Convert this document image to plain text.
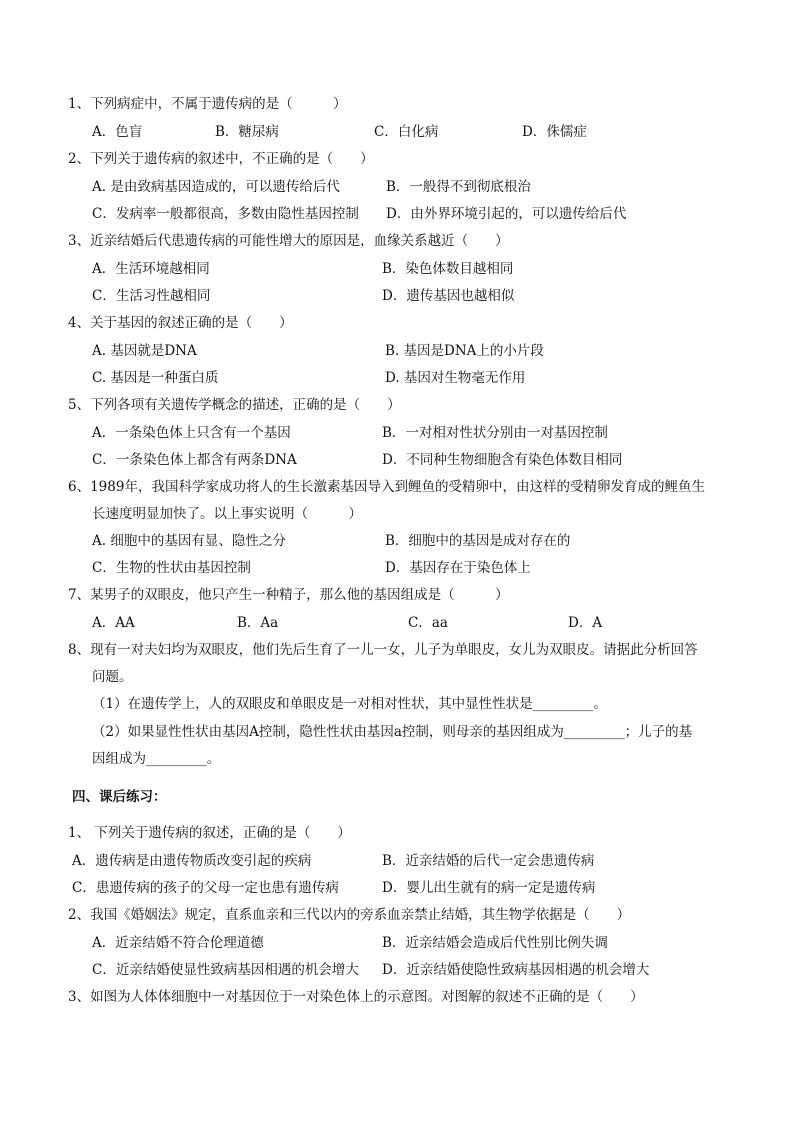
1、下列病症中，不属于遗传病的是（　　　）
A．色盲	B．糖尿病	C．白化病	D．侏儒症
2、下列关于遗传病的叙述中，不正确的是（　　）
A. 是由致病基因造成的，可以遗传给后代	B．一般得不到彻底根治
C．发病率一般都很高，多数由隐性基因控制 D．由外界环境引起的，可以遗传给后代
3、近亲结婚后代患遗传病的可能性增大的原因是，血缘关系越近（　　）
A．生活环境越相同	B．染色体数目越相同
C．生活习性越相同	D．遗传基因也越相似
4、关于基因的叙述正确的是（　　）
A. 基因就是DNA	B. 基因是DNA上的小片段
C. 基因是一种蛋白质	D. 基因对生物毫无作用
5、下列各项有关遗传学概念的描述，正确的是（　　）
A．一条染色体上只含有一个基因	B．一对相对性状分别由一对基因控制
C．一条染色体上都含有两条DNA	D．不同种生物细胞含有染色体数目相同
6、1989年，我国科学家成功将人的生长激素基因导入到鲤鱼的受精卵中，由这样的受精卵发育成的鲤鱼生
长速度明显加快了。以上事实说明（　　　）
A. 细胞中的基因有显、隐性之分	B．细胞中的基因是成对存在的
C．生物的性状由基因控制	D．基因存在于染色体上
7、某男子的双眼皮，他只产生一种精子，那么他的基因组成是（　　　）
A．AA	B．Aa	C．aa	D．A
8、现有一对夫妇均为双眼皮，他们先后生育了一儿一女，儿子为单眼皮，女儿为双眼皮。请据此分析回答
问题。
（1）在遗传学上，人的双眼皮和单眼皮是一对相对性状，其中显性性状是_________。
（2）如果显性性状由基因A控制，隐性性状由基因a控制，则母亲的基因组成为_________；儿子的基
因组成为_________。
四、课后练习：
1、 下列关于遗传病的叙述，正确的是（　　）
A．遗传病是由遗传物质改变引起的疾病	B．近亲结婚的后代一定会患遗传病
C．患遗传病的孩子的父母一定也患有遗传病	D．婴儿出生就有的病一定是遗传病
2、我国《婚姻法》规定，直系血亲和三代以内的旁系血亲禁止结婚，其生物学依据是（　　）
A．近亲结婚不符合伦理道德	B．近亲结婚会造成后代性别比例失调
C．近亲结婚使显性致病基因相遇的机会增大 D．近亲结婚使隐性致病基因相遇的机会增大
3、如图为人体体细胞中一对基因位于一对染色体上的示意图。对图解的叙述不正确的是（　　）
